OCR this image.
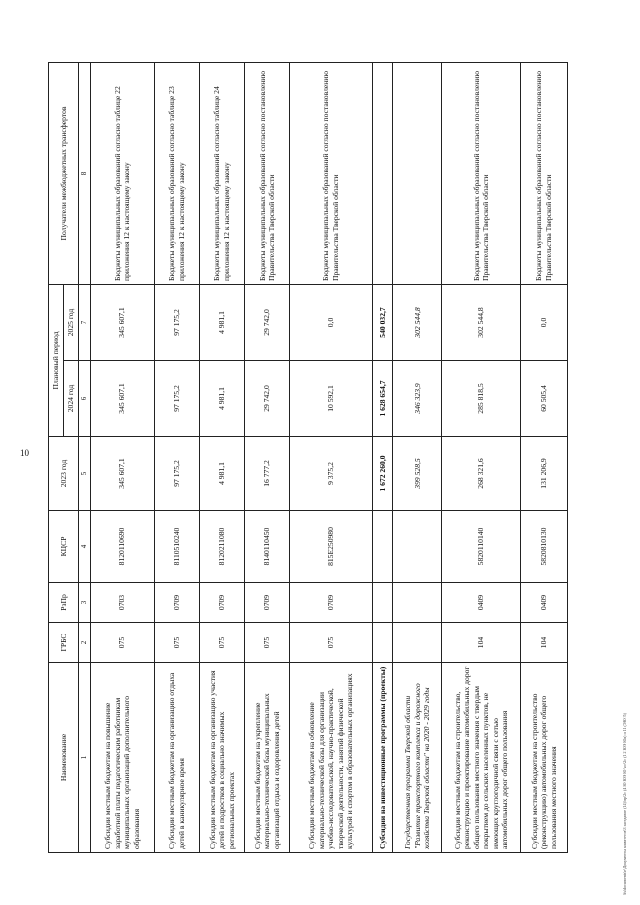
10
Наименование	ГРБС	РзПр	КЦСР	2023 год	Плановый период		Получатели межбюджетных трансфертов
					2024 год	2025 год	
1	2	3	4	5	6	7	8
Субсидии местным бюджетам на повышение заработной платы педагогическим работникам муниципальных организаций дополнительного образования	075	0703	8120110690	345 607,1	345 607,1	345 607,1	Бюджеты муниципальных образований согласно таблице 22 приложения 12 к настоящему закону
Субсидии местным бюджетам на организацию отдыха детей в каникулярное время	075	0709	8110510240	97 175,2	97 175,2	97 175,2	Бюджеты муниципальных образований согласно таблице 23 приложения 12 к настоящему закону
Субсидии местным бюджетам на организацию участия детей и подростков в социально значимых региональных проектах	075	0709	8120211080	4 981,1	4 981,1	4 981,1	Бюджеты муниципальных образований согласно таблице 24 приложения 12 к настоящему закону
Субсидии местным бюджетам на укрепление материально-технической базы муниципальных организаций отдыха и оздоровления детей	075	0709	8140110450	16 777,2	29 742,0	29 742,0	Бюджеты муниципальных образований согласно постановлению Правительства Тверской области
Субсидии местным бюджетам на обновление материально-технической базы для организации учебно-исследовательской, научно-практической, творческой деятельности, занятий физической культурой и спортом в образовательных организациях	075	0709	815E250980	9 375,2	10 592,1	0,0	Бюджеты муниципальных образований согласно постановлению Правительства Тверской области
Субсидии на инвестиционные программы (проекты)				1 672 260,0	1 628 654,7	540 032,7	
Государственная программа Тверской области "Развитие транспортного комплекса и дорожного хозяйства Тверской области" на 2020 - 2029 годы				399 528,5	346 323,9	302 544,8	
Субсидии местным бюджетам на строительство, реконструкцию и проектирование автомобильных дорог общего пользования местного значения с твердым покрытием до сельских населенных пунктов, не имеющих круглогодичной связи с сетью автомобильных дорог общего пользования	104	0409	5820110140	268 321,6	285 818,5	302 544,8	Бюджеты муниципальных образований согласно постановлению Правительства Тверской области
Субсидии местным бюджетам на строительство (реконструкцию) автомобильных дорог общего пользования местного значения	104	0409	5820810130	131 206,9	60 505,4	0,0	Бюджеты муниципальных образований согласно постановлению Правительства Тверской области
\fs\documents\e\Документы комитетов\3 заседание (14)\пр\2с (4 Ю ЮЭ Ю \ос\2с (1 2 ЮЭ Юа) и 11 (ЭЮ 3\)
